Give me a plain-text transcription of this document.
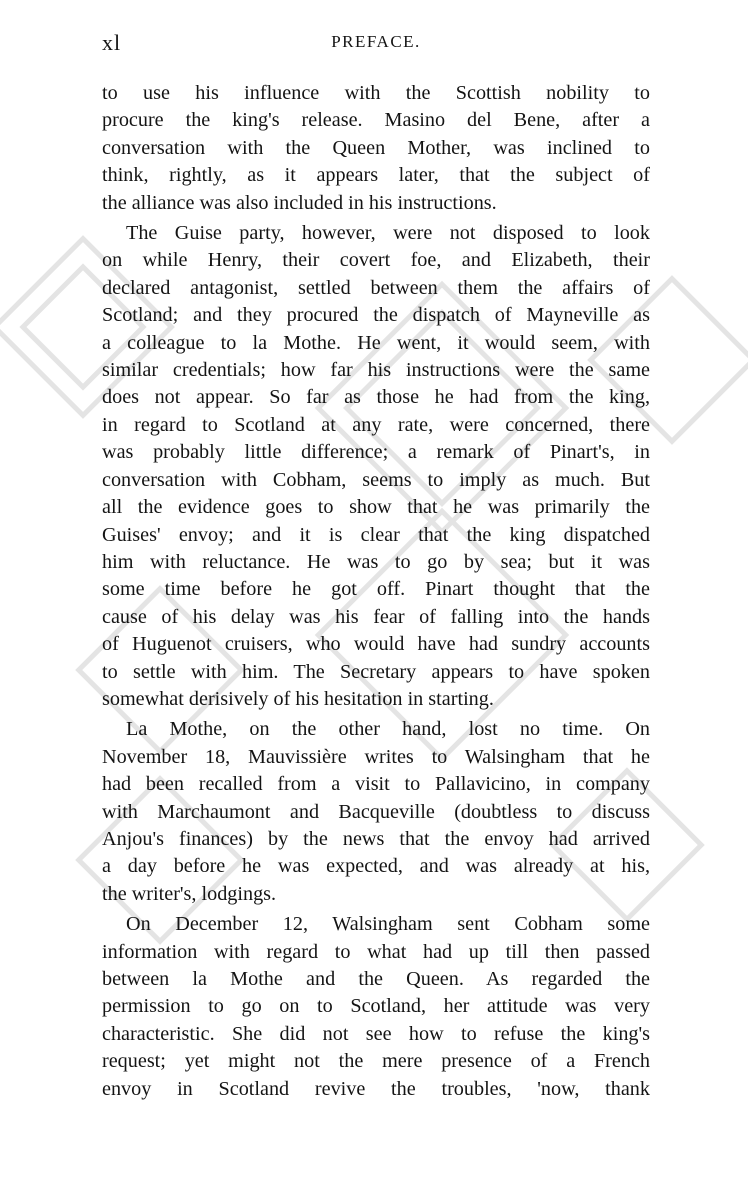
xl	PREFACE.

to use his influence with the Scottish nobility to
procure the king's release. Masino del Bene, after a
conversation with the Queen Mother, was inclined to
think, rightly, as it appears later, that the subject of
the alliance was also included in his instructions.

The Guise party, however, were not disposed to look
on while Henry, their covert foe, and Elizabeth, their
declared antagonist, settled between them the affairs of
Scotland; and they procured the dispatch of Mayneville as
a colleague to la Mothe. He went, it would seem, with
similar credentials; how far his instructions were the same
does not appear. So far as those he had from the king,
in regard to Scotland at any rate, were concerned, there
was probably little difference; a remark of Pinart's, in
conversation with Cobham, seems to imply as much. But
all the evidence goes to show that he was primarily the
Guises' envoy; and it is clear that the king dispatched
him with reluctance. He was to go by sea; but it was
some time before he got off. Pinart thought that the
cause of his delay was his fear of falling into the hands
of Huguenot cruisers, who would have had sundry accounts
to settle with him. The Secretary appears to have spoken
somewhat derisively of his hesitation in starting.

La Mothe, on the other hand, lost no time. On
November 18, Mauvissière writes to Walsingham that he
had been recalled from a visit to Pallavicino, in company
with Marchaumont and Bacqueville (doubtless to discuss
Anjou's finances) by the news that the envoy had arrived
a day before he was expected, and was already at his,
the writer's, lodgings.

On December 12, Walsingham sent Cobham some
information with regard to what had up till then passed
between la Mothe and the Queen. As regarded the
permission to go on to Scotland, her attitude was very
characteristic. She did not see how to refuse the king's
request; yet might not the mere presence of a French
envoy in Scotland revive the troubles, 'now, thank
